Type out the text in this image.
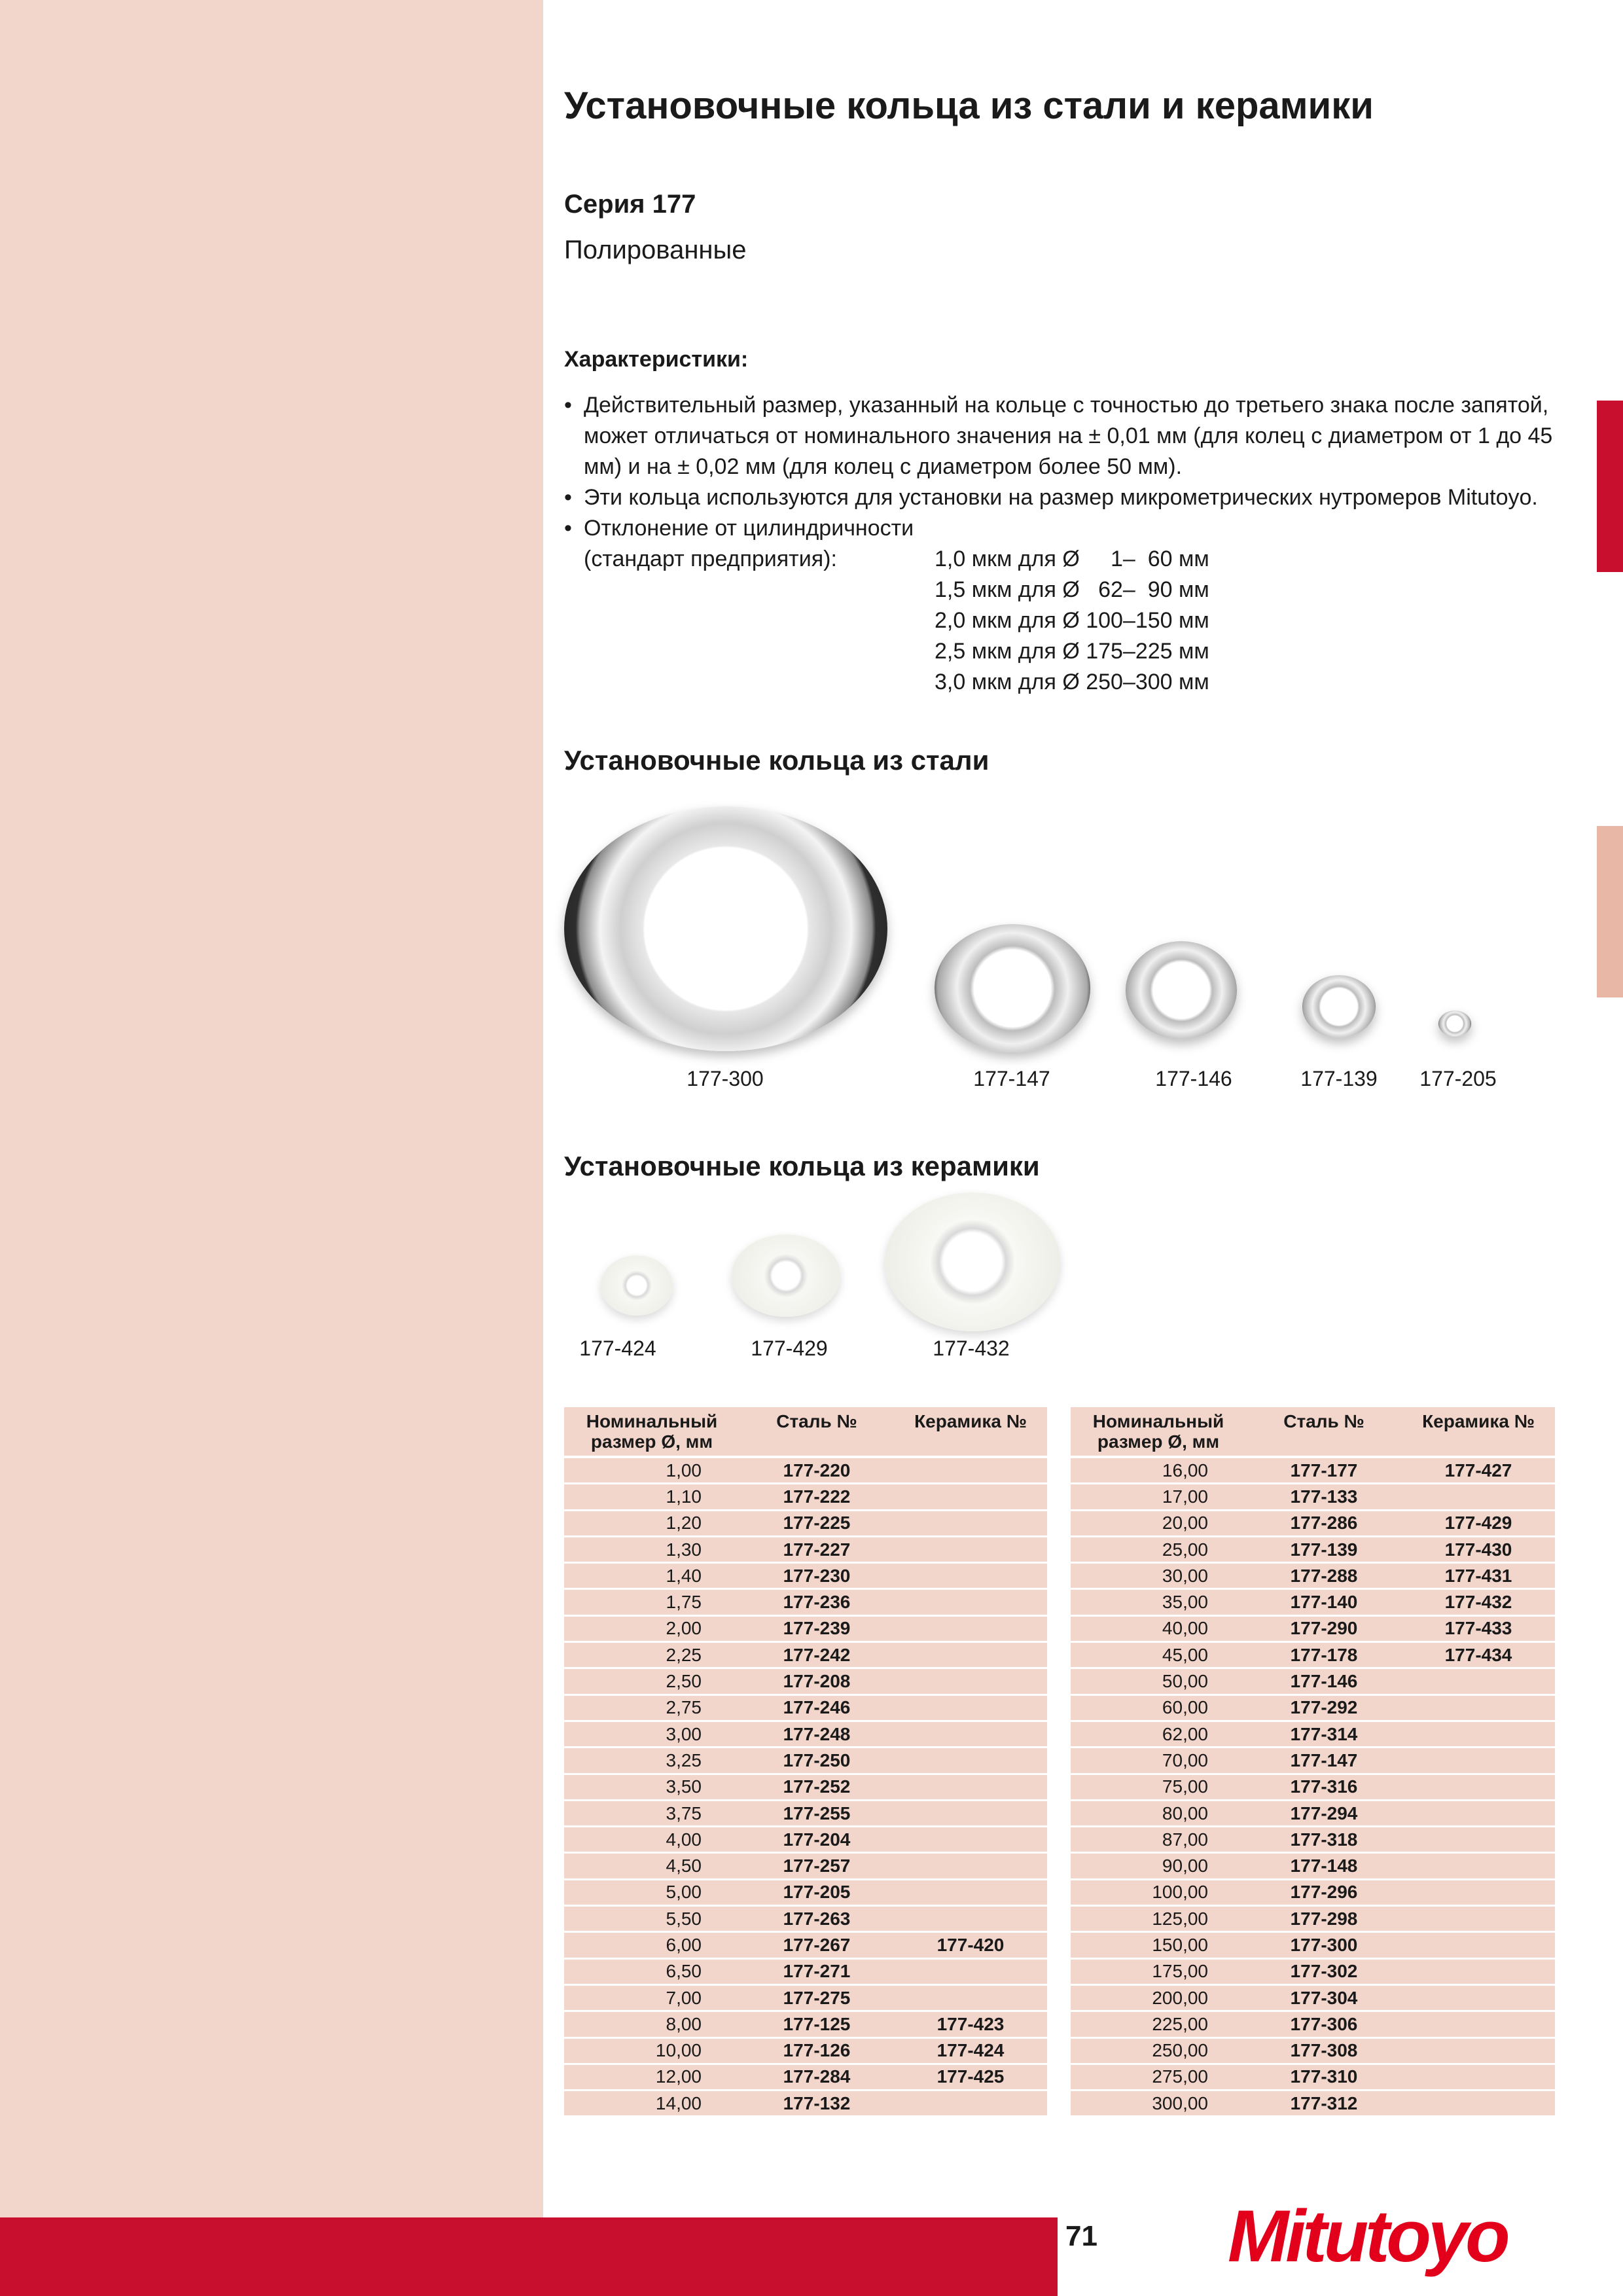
Установочные кольца из стали и керамики
Серия 177
Полированные
Характеристики:
• Действительный размер, указанный на кольце с точностью до третьего знака после запятой, может отличаться от номинального значения на ± 0,01 мм (для колец с диаметром от 1 до 45 мм) и на ± 0,02 мм (для колец с диаметром более 50 мм).
• Эти кольца используются для установки на размер микрометрических нутромеров Mitutoyo.
• Отклонение от цилиндричности
(стандарт предприятия):	1,0 мкм для Ø     1–  60 мм
1,5 мкм для Ø   62–  90 мм
2,0 мкм для Ø 100–150 мм
2,5 мкм для Ø 175–225 мм
3,0 мкм для Ø 250–300 мм
Установочные кольца из стали
177-300	177-147	177-146	177-139	177-205
Установочные кольца из керамики
177-424	177-429	177-432
Номинальный размер Ø, мм	Сталь №	Керамика №
1,00	177-220	
1,10	177-222	
1,20	177-225	
1,30	177-227	
1,40	177-230	
1,75	177-236	
2,00	177-239	
2,25	177-242	
2,50	177-208	
2,75	177-246	
3,00	177-248	
3,25	177-250	
3,50	177-252	
3,75	177-255	
4,00	177-204	
4,50	177-257	
5,00	177-205	
5,50	177-263	
6,00	177-267	177-420
6,50	177-271	
7,00	177-275	
8,00	177-125	177-423
10,00	177-126	177-424
12,00	177-284	177-425
14,00	177-132	
Номинальный размер Ø, мм	Сталь №	Керамика №
16,00	177-177	177-427
17,00	177-133	
20,00	177-286	177-429
25,00	177-139	177-430
30,00	177-288	177-431
35,00	177-140	177-432
40,00	177-290	177-433
45,00	177-178	177-434
50,00	177-146	
60,00	177-292	
62,00	177-314	
70,00	177-147	
75,00	177-316	
80,00	177-294	
87,00	177-318	
90,00	177-148	
100,00	177-296	
125,00	177-298	
150,00	177-300	
175,00	177-302	
200,00	177-304	
225,00	177-306	
250,00	177-308	
275,00	177-310	
300,00	177-312	
71 Mitutoyo
